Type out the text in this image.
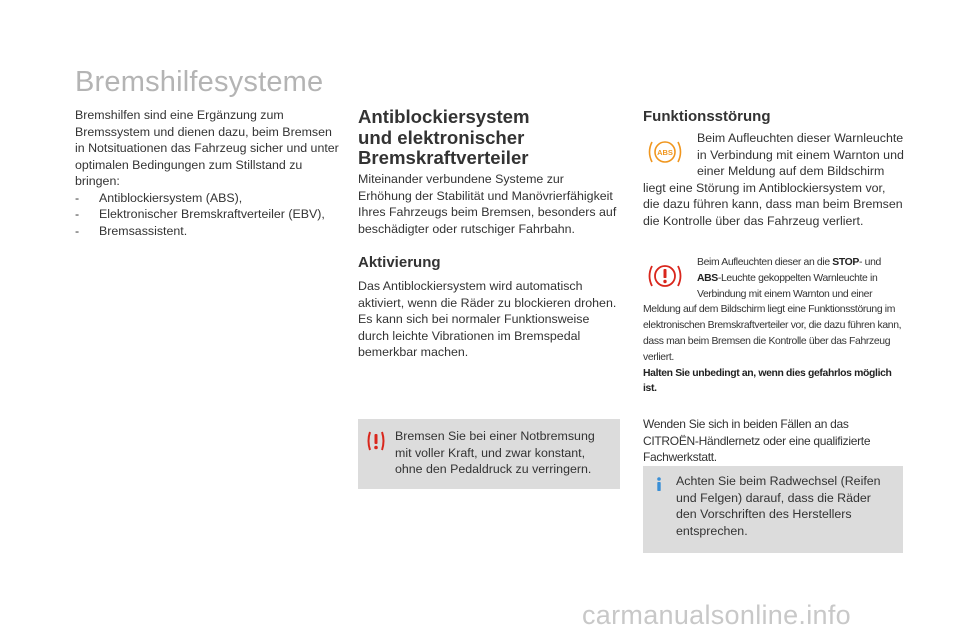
Bremshilfesysteme

Bremshilfen sind eine Ergänzung zum Bremssystem und dienen dazu, beim Bremsen in Notsituationen das Fahrzeug sicher und unter optimalen Bedingungen zum Stillstand zu bringen:

- Antiblockiersystem (ABS),
- Elektronischer Bremskraftverteiler (EBV),
- Bremsassistent.
Antiblockiersystem
und elektronischer
Bremskraftverteiler

Miteinander verbundene Systeme zur Erhöhung der Stabilität und Manövrierfähigkeit Ihres Fahrzeugs beim Bremsen, besonders auf beschädigter oder rutschiger Fahrbahn.

Aktivierung

Das Antiblockiersystem wird automatisch aktiviert, wenn die Räder zu blockieren drohen. Es kann sich bei normaler Funktionsweise durch leichte Vibrationen im Bremspedal bemerkbar machen.

Bremsen Sie bei einer Notbremsung mit voller Kraft, und zwar konstant, ohne den Pedaldruck zu verringern.

Funktionsstörung
ABS

Beim Aufleuchten dieser Warnleuchte in Verbindung mit einem Warnton und einer Meldung auf dem Bildschirm
liegt eine Störung im Antiblockiersystem vor, die dazu führen kann, dass man beim Bremsen die Kontrolle über das Fahrzeug verliert.

Beim Aufleuchten dieser an die STOP- und ABS-Leuchte gekoppelten Warnleuchte in Verbindung mit einem Warnton und einer
Meldung auf dem Bildschirm liegt eine Funktionsstörung im elektronischen Bremskraftverteiler vor, die dazu führen kann, dass man beim Bremsen die Kontrolle über das Fahrzeug verliert.
Halten Sie unbedingt an, wenn dies gefahrlos möglich ist.

Wenden Sie sich in beiden Fällen an das CITROËN-Händlernetz oder eine qualifizierte Fachwerkstatt.

Achten Sie beim Radwechsel (Reifen und Felgen) darauf, dass die Räder den Vorschriften des Herstellers entsprechen.

carmanualsonline.info
